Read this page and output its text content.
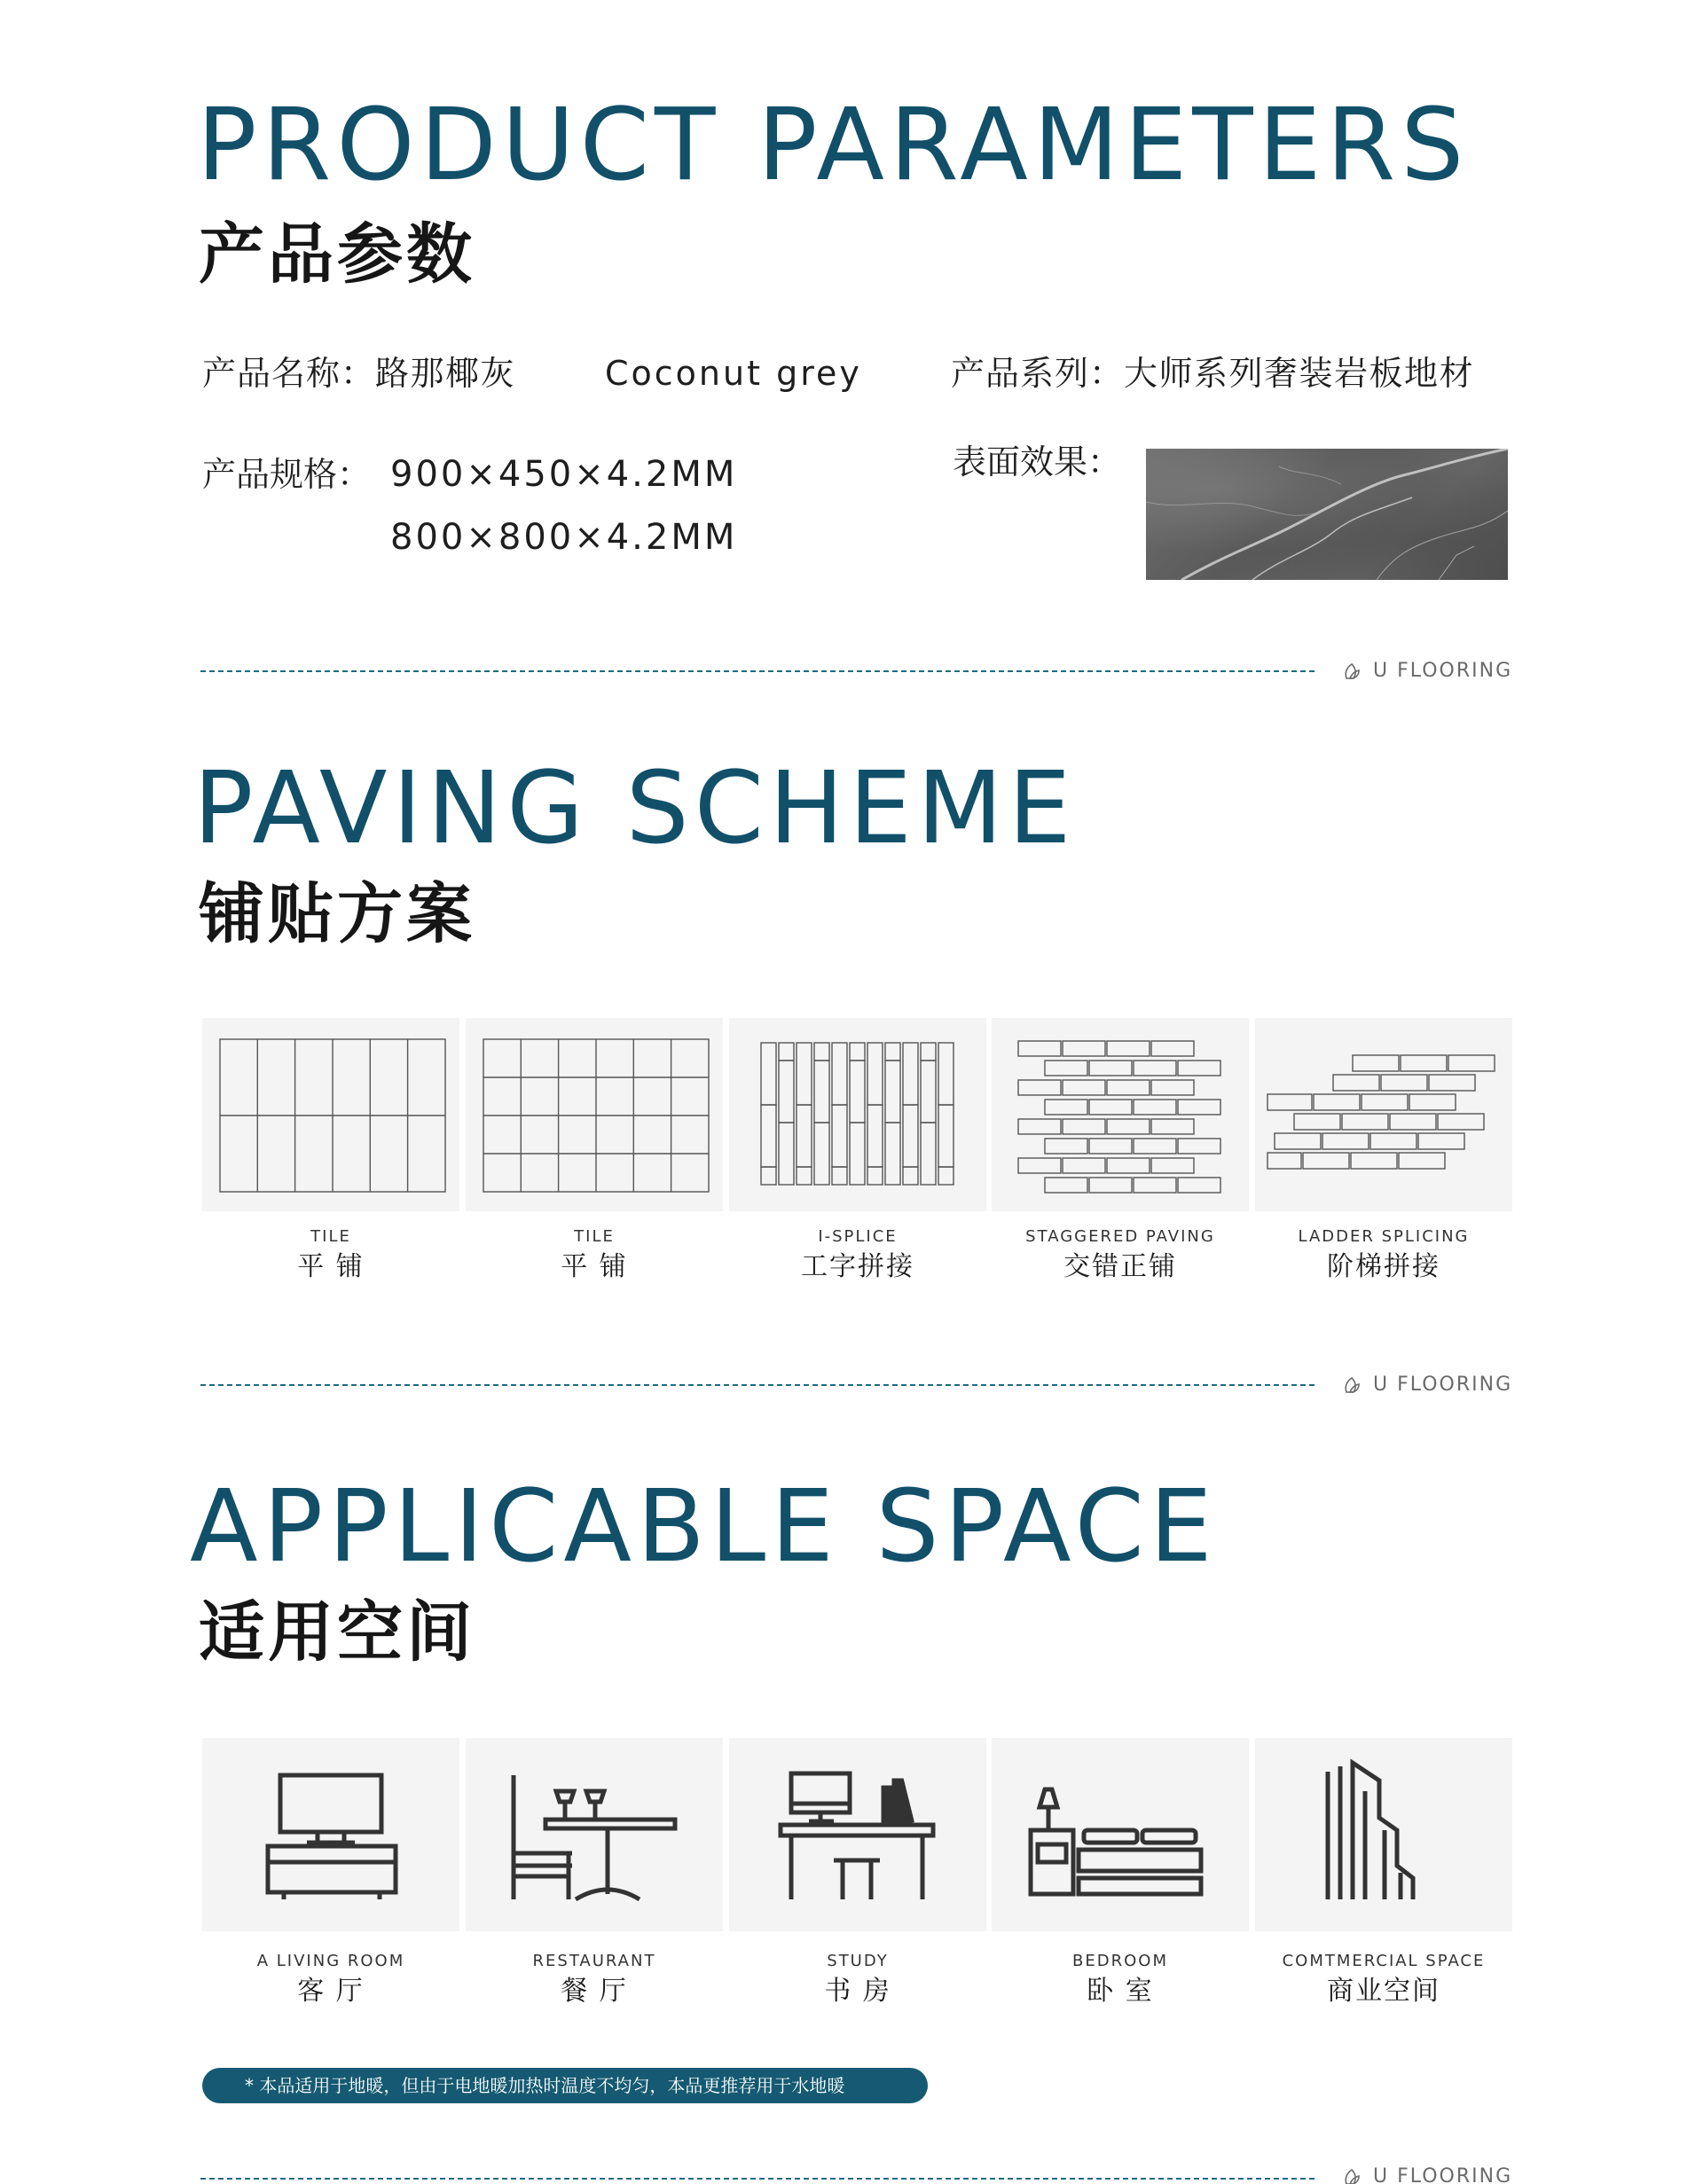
PRODUCT PARAMETERS
产品参数
产品名称：路那椰灰	Coconut grey	产品系列：大师系列奢装岩板地材
产品规格： 900×450×4.2MM
800×800×4.2MM
表面效果：
U FLOORING
PAVING SCHEME
铺贴方案
TILE
平 铺
TILE
平 铺
I-SPLICE
工字拼接
STAGGERED PAVING
交错正铺
LADDER SPLICING
阶梯拼接
U FLOORING
APPLICABLE SPACE
适用空间
A LIVING ROOM
客 厅
RESTAURANT
餐 厅
STUDY
书 房
BEDROOM
卧 室
COMTMERCIAL SPACE
商业空间
* 本品适用于地暖，但由于电地暖加热时温度不均匀，本品更推荐用于水地暖
U FLOORING
